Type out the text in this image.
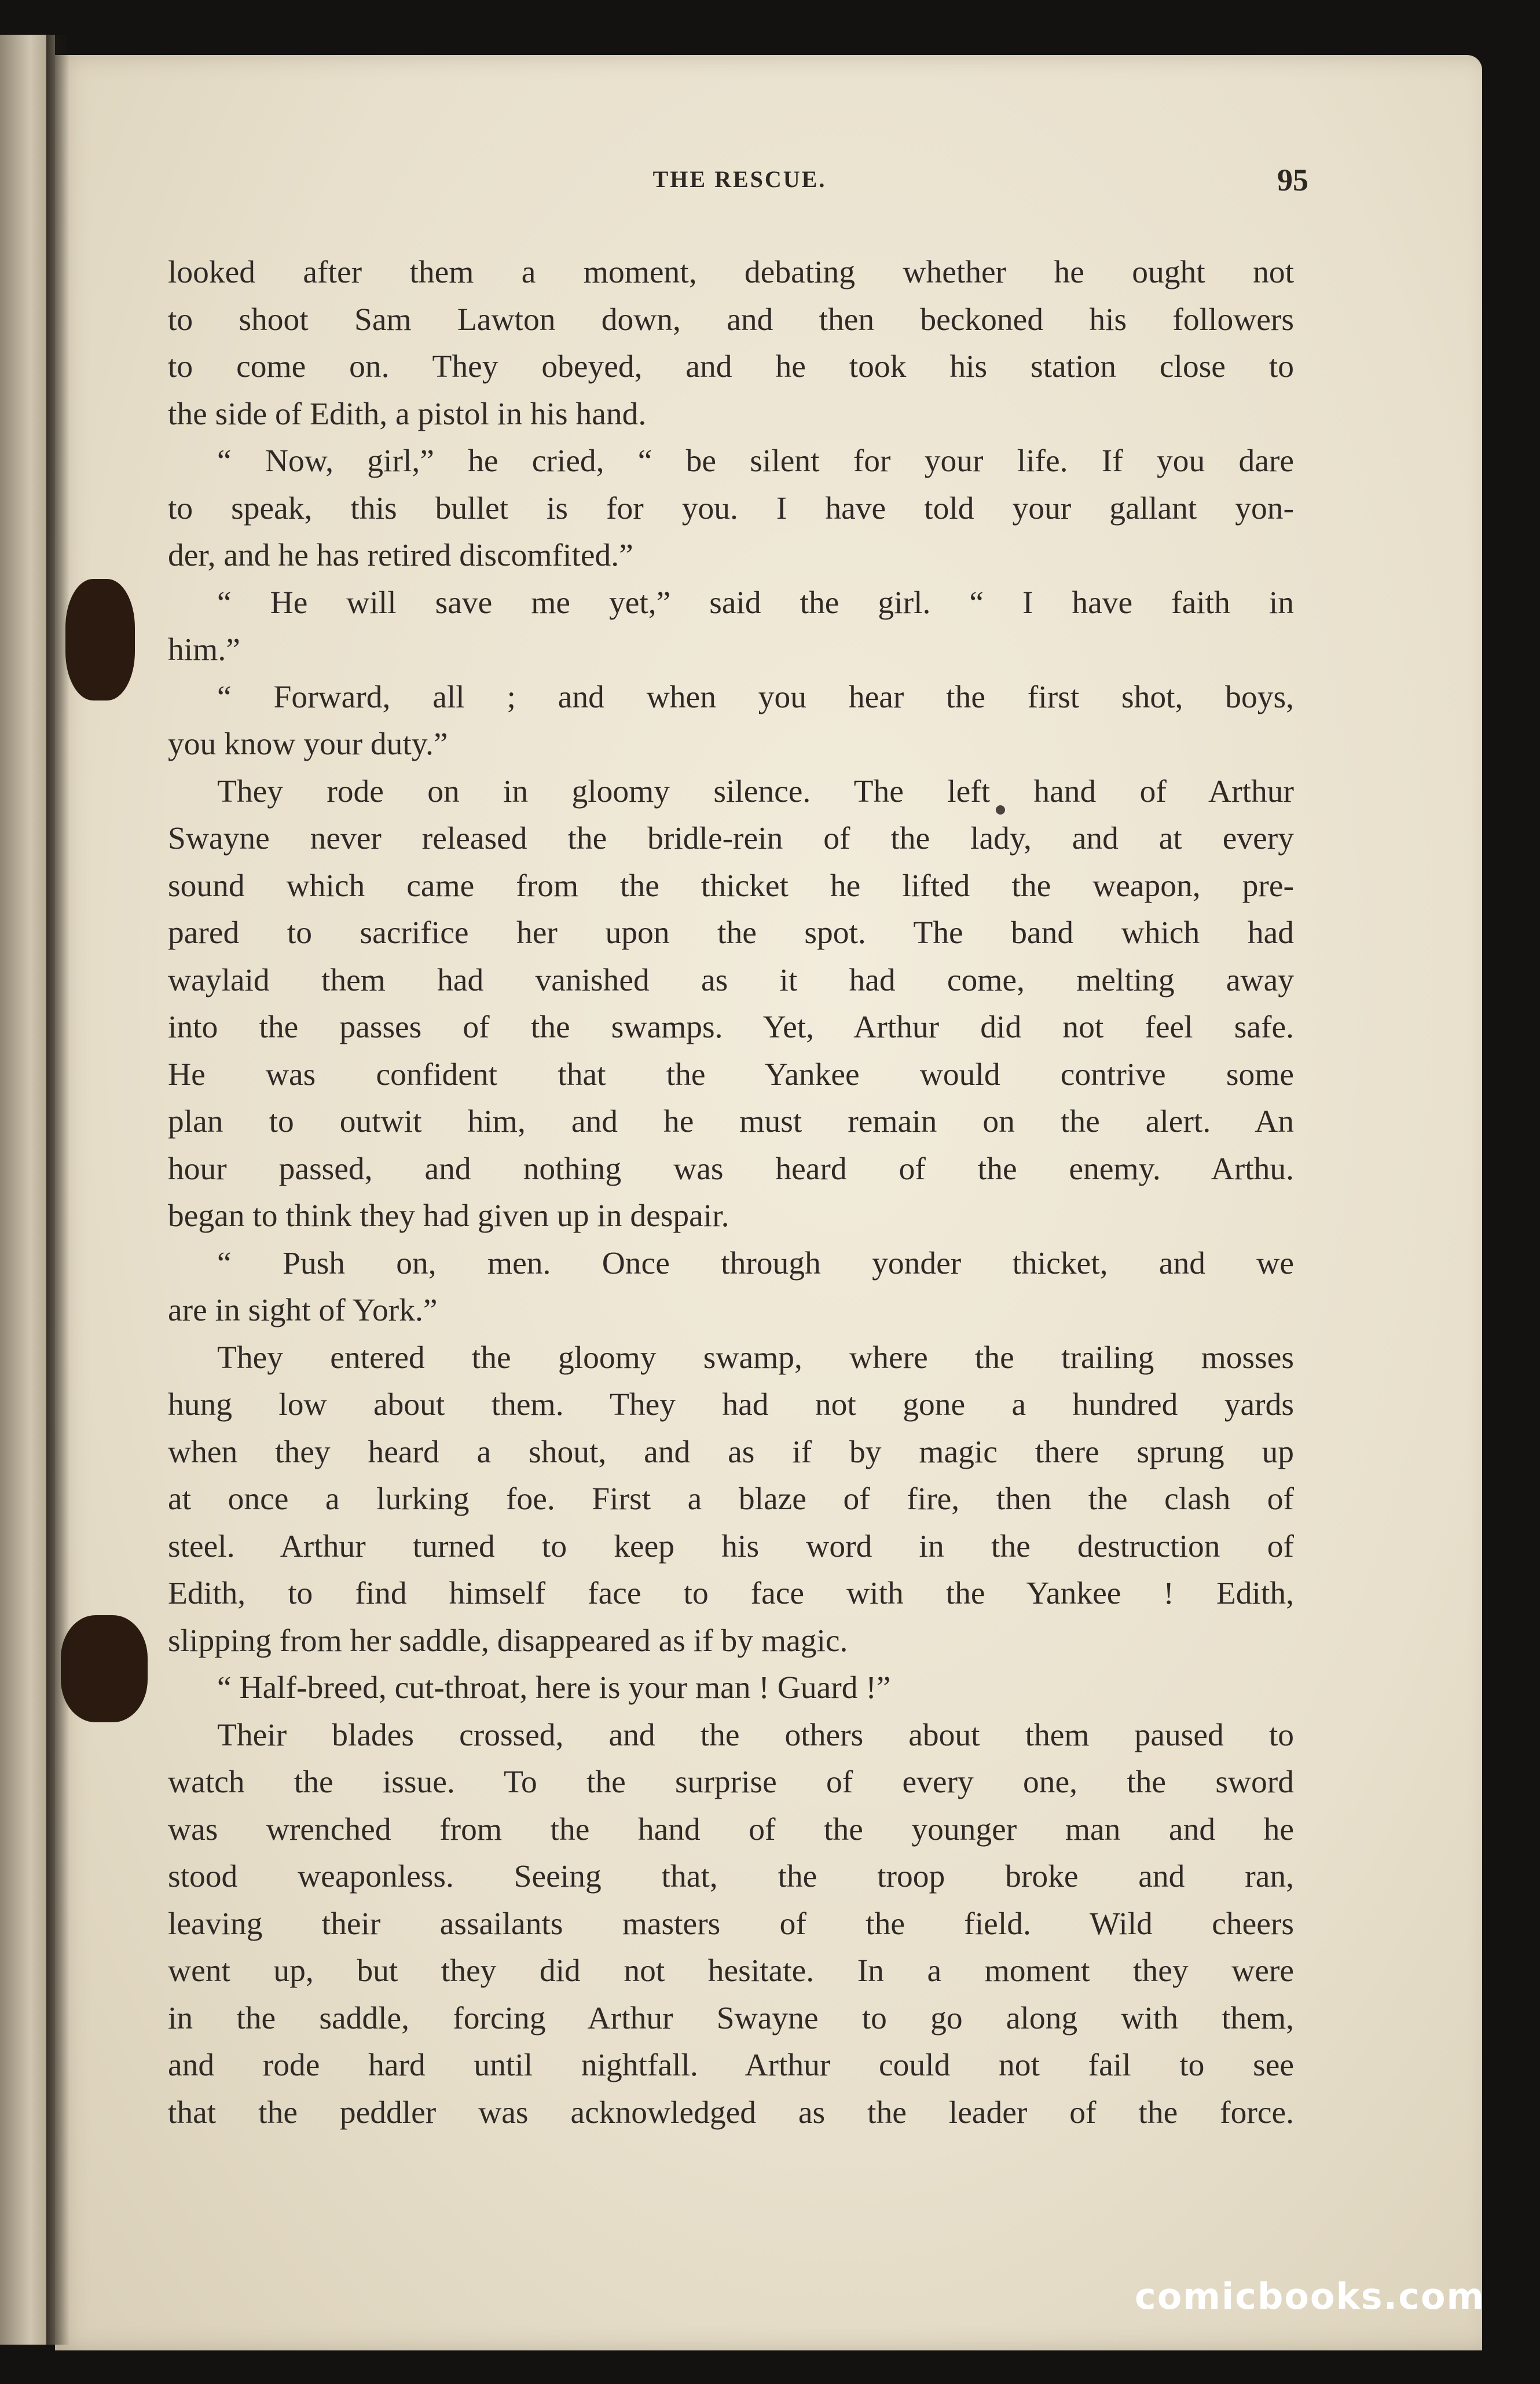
THE RESCUE.	95
looked after them a moment, debating whether he ought not
to shoot Sam Lawton down, and then beckoned his followers
to come on. They obeyed, and he took his station close to
the side of Edith, a pistol in his hand.
“ Now, girl,” he cried, “ be silent for your life. If you dare
to speak, this bullet is for you. I have told your gallant yon-
der, and he has retired discomfited.”
“ He will save me yet,” said the girl. “ I have faith in
him.”
“ Forward, all ; and when you hear the first shot, boys,
you know your duty.”
They rode on in gloomy silence. The left hand of Arthur
Swayne never released the bridle-rein of the lady, and at every
sound which came from the thicket he lifted the weapon, pre-
pared to sacrifice her upon the spot. The band which had
waylaid them had vanished as it had come, melting away
into the passes of the swamps. Yet, Arthur did not feel safe.
He was confident that the Yankee would contrive some
plan to outwit him, and he must remain on the alert. An
hour passed, and nothing was heard of the enemy. Arthu.
began to think they had given up in despair.
“ Push on, men. Once through yonder thicket, and we
are in sight of York.”
They entered the gloomy swamp, where the trailing mosses
hung low about them. They had not gone a hundred yards
when they heard a shout, and as if by magic there sprung up
at once a lurking foe. First a blaze of fire, then the clash of
steel. Arthur turned to keep his word in the destruction of
Edith, to find himself face to face with the Yankee ! Edith,
slipping from her saddle, disappeared as if by magic.
“ Half-breed, cut-throat, here is your man ! Guard !”
Their blades crossed, and the others about them paused to
watch the issue. To the surprise of every one, the sword
was wrenched from the hand of the younger man and he
stood weaponless. Seeing that, the troop broke and ran,
leaving their assailants masters of the field. Wild cheers
went up, but they did not hesitate. In a moment they were
in the saddle, forcing Arthur Swayne to go along with them,
and rode hard until nightfall. Arthur could not fail to see
that the peddler was acknowledged as the leader of the force.
comicbooks.com
